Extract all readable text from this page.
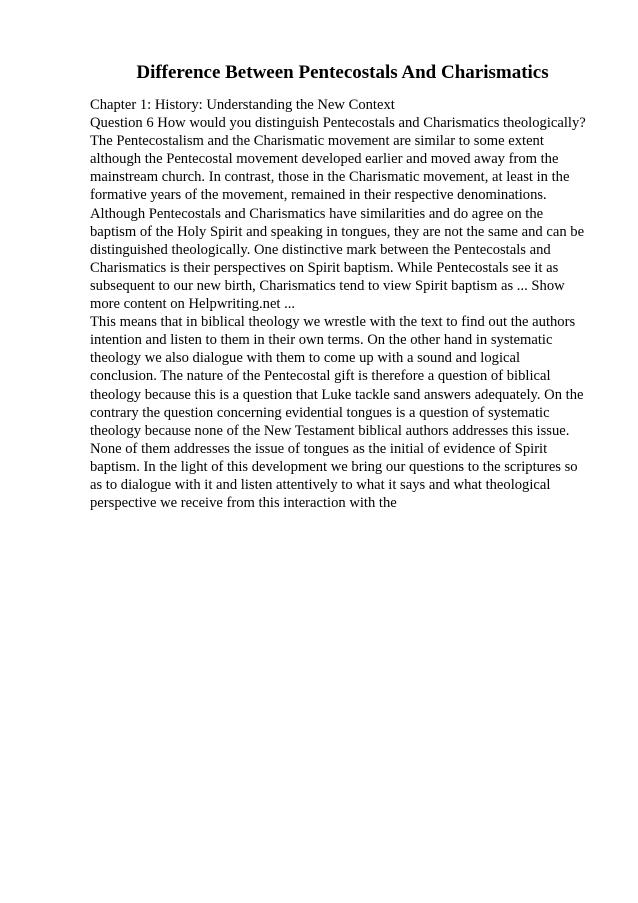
Difference Between Pentecostals And Charismatics
Chapter 1: History: Understanding the New Context
Question 6 How would you distinguish Pentecostals and Charismatics theologically?
The Pentecostalism and the Charismatic movement are similar to some extent
although the Pentecostal movement developed earlier and moved away from the
mainstream church. In contrast, those in the Charismatic movement, at least in the
formative years of the movement, remained in their respective denominations.
Although Pentecostals and Charismatics have similarities and do agree on the
baptism of the Holy Spirit and speaking in tongues, they are not the same and can be
distinguished theologically. One distinctive mark between the Pentecostals and
Charismatics is their perspectives on Spirit baptism. While Pentecostals see it as
subsequent to our new birth, Charismatics tend to view Spirit baptism as ... Show
more content on Helpwriting.net ...
This means that in biblical theology we wrestle with the text to find out the authors
intention and listen to them in their own terms. On the other hand in systematic
theology we also dialogue with them to come up with a sound and logical
conclusion. The nature of the Pentecostal gift is therefore a question of biblical
theology because this is a question that Luke tackle sand answers adequately. On the
contrary the question concerning evidential tongues is a question of systematic
theology because none of the New Testament biblical authors addresses this issue.
None of them addresses the issue of tongues as the initial of evidence of Spirit
baptism. In the light of this development we bring our questions to the scriptures so
as to dialogue with it and listen attentively to what it says and what theological
perspective we receive from this interaction with the
